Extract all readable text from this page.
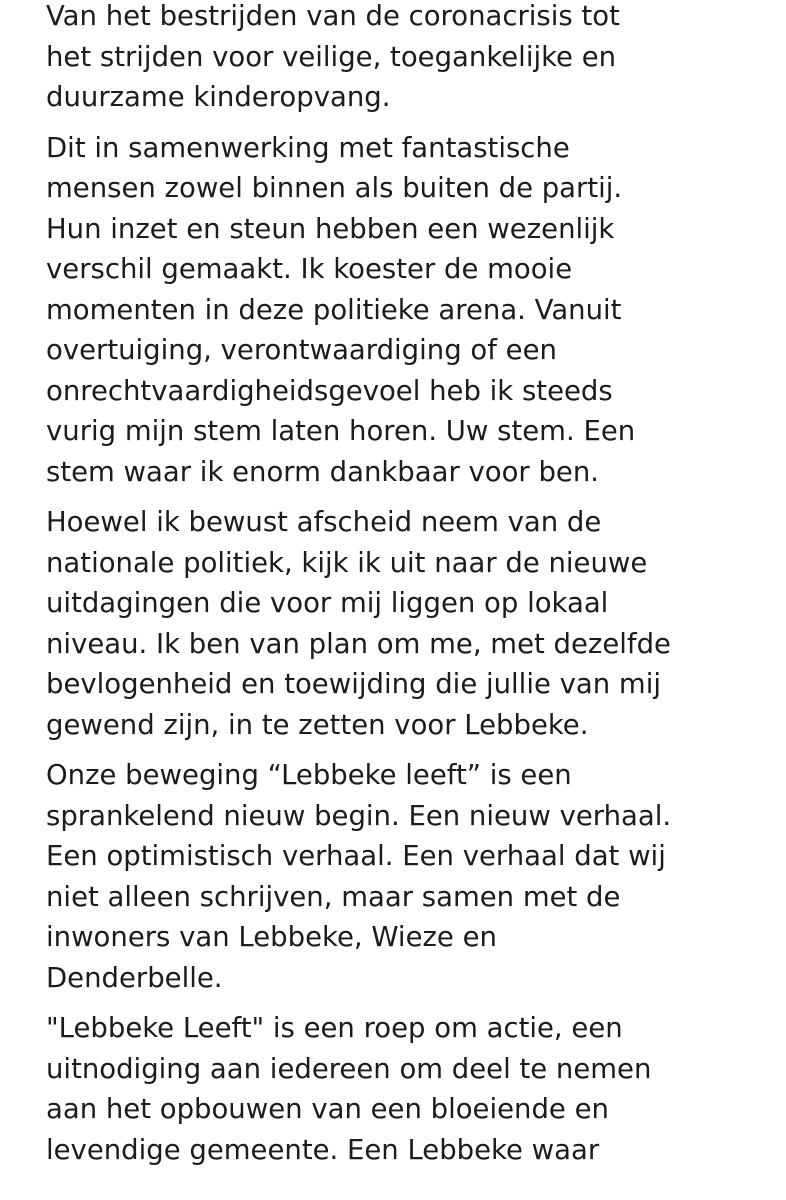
Van het bestrijden van de coronacrisis tot
het strijden voor veilige, toegankelijke en
duurzame kinderopvang.
Dit in samenwerking met fantastische
mensen zowel binnen als buiten de partij.
Hun inzet en steun hebben een wezenlijk
verschil gemaakt. Ik koester de mooie
momenten in deze politieke arena. Vanuit
overtuiging, verontwaardiging of een
onrechtvaardigheidsgevoel heb ik steeds
vurig mijn stem laten horen. Uw stem. Een
stem waar ik enorm dankbaar voor ben.
Hoewel ik bewust afscheid neem van de
nationale politiek, kijk ik uit naar de nieuwe
uitdagingen die voor mij liggen op lokaal
niveau. Ik ben van plan om me, met dezelfde
bevlogenheid en toewijding die jullie van mij
gewend zijn, in te zetten voor Lebbeke.
Onze beweging “Lebbeke leeft” is een
sprankelend nieuw begin. Een nieuw verhaal.
Een optimistisch verhaal. Een verhaal dat wij
niet alleen schrijven, maar samen met de
inwoners van Lebbeke, Wieze en
Denderbelle.
"Lebbeke Leeft" is een roep om actie, een
uitnodiging aan iedereen om deel te nemen
aan het opbouwen van een bloeiende en
levendige gemeente. Een Lebbeke waar
